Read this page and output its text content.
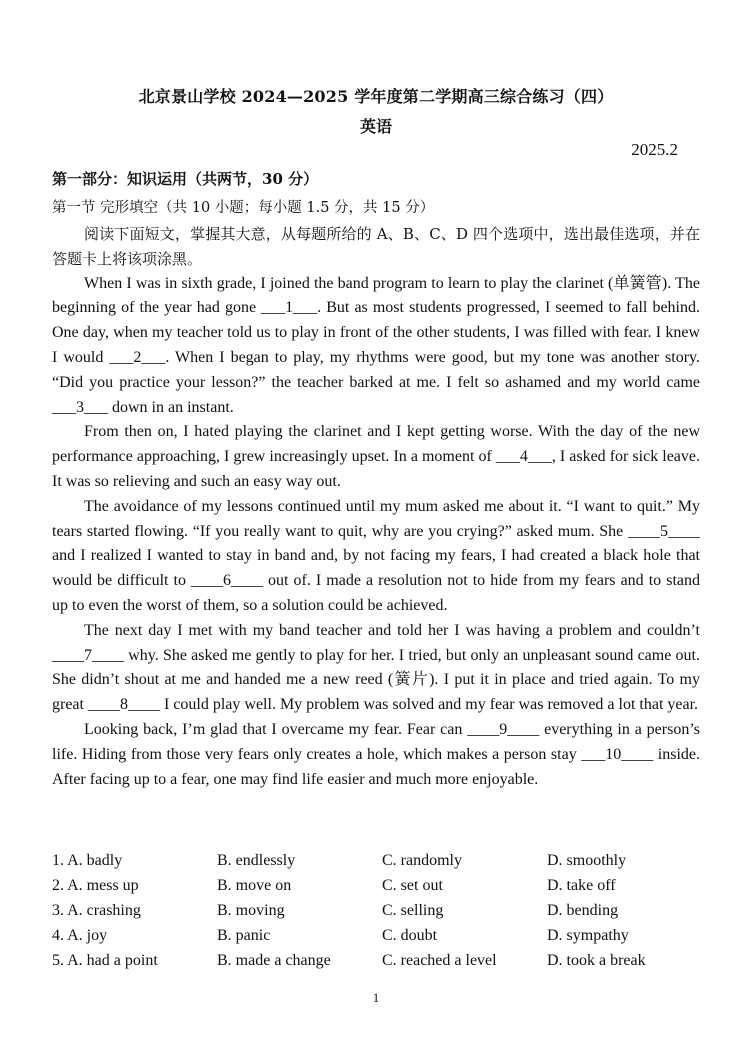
北京景山学校 2024—2025 学年度第二学期高三综合练习（四）
英语
2025.2
第一部分：知识运用（共两节，30 分）
第一节 完形填空（共 10 小题；每小题 1.5 分，共 15 分）

阅读下面短文，掌握其大意，从每题所给的 A、B、C、D 四个选项中，选出最佳选项，并在答题卡上将该项涂黑。

When I was in sixth grade, I joined the band program to learn to play the clarinet (单簧管). The beginning of the year had gone ___1___. But as most students progressed, I seemed to fall behind. One day, when my teacher told us to play in front of the other students, I was filled with fear. I knew I would ___2___. When I began to play, my rhythms were good, but my tone was another story. “Did you practice your lesson?” the teacher barked at me. I felt so ashamed and my world came ___3___ down in an instant.

From then on, I hated playing the clarinet and I kept getting worse. With the day of the new performance approaching, I grew increasingly upset. In a moment of ___4___, I asked for sick leave. It was so relieving and such an easy way out.

The avoidance of my lessons continued until my mum asked me about it. “I want to quit.” My tears started flowing. “If you really want to quit, why are you crying?” asked mum. She ____5____ and I realized I wanted to stay in band and, by not facing my fears, I had created a black hole that would be difficult to ____6____ out of. I made a resolution not to hide from my fears and to stand up to even the worst of them, so a solution could be achieved.

The next day I met with my band teacher and told her I was having a problem and couldn’t ____7____ why. She asked me gently to play for her. I tried, but only an unpleasant sound came out. She didn’t shout at me and handed me a new reed (簧片). I put it in place and tried again. To my great ____8____ I could play well. My problem was solved and my fear was removed a lot that year.

Looking back, I’m glad that I overcame my fear. Fear can ____9____ everything in a person’s life. Hiding from those very fears only creates a hole, which makes a person stay ___10____ inside. After facing up to a fear, one may find life easier and much more enjoyable.

1. A. badly	B. endlessly	C. randomly	D. smoothly
2. A. mess up	B. move on	C. set out	D. take off
3. A. crashing	B. moving	C. selling	D. bending
4. A. joy	B. panic	C. doubt	D. sympathy
5. A. had a point	B. made a change	C. reached a level	D. took a break
1
